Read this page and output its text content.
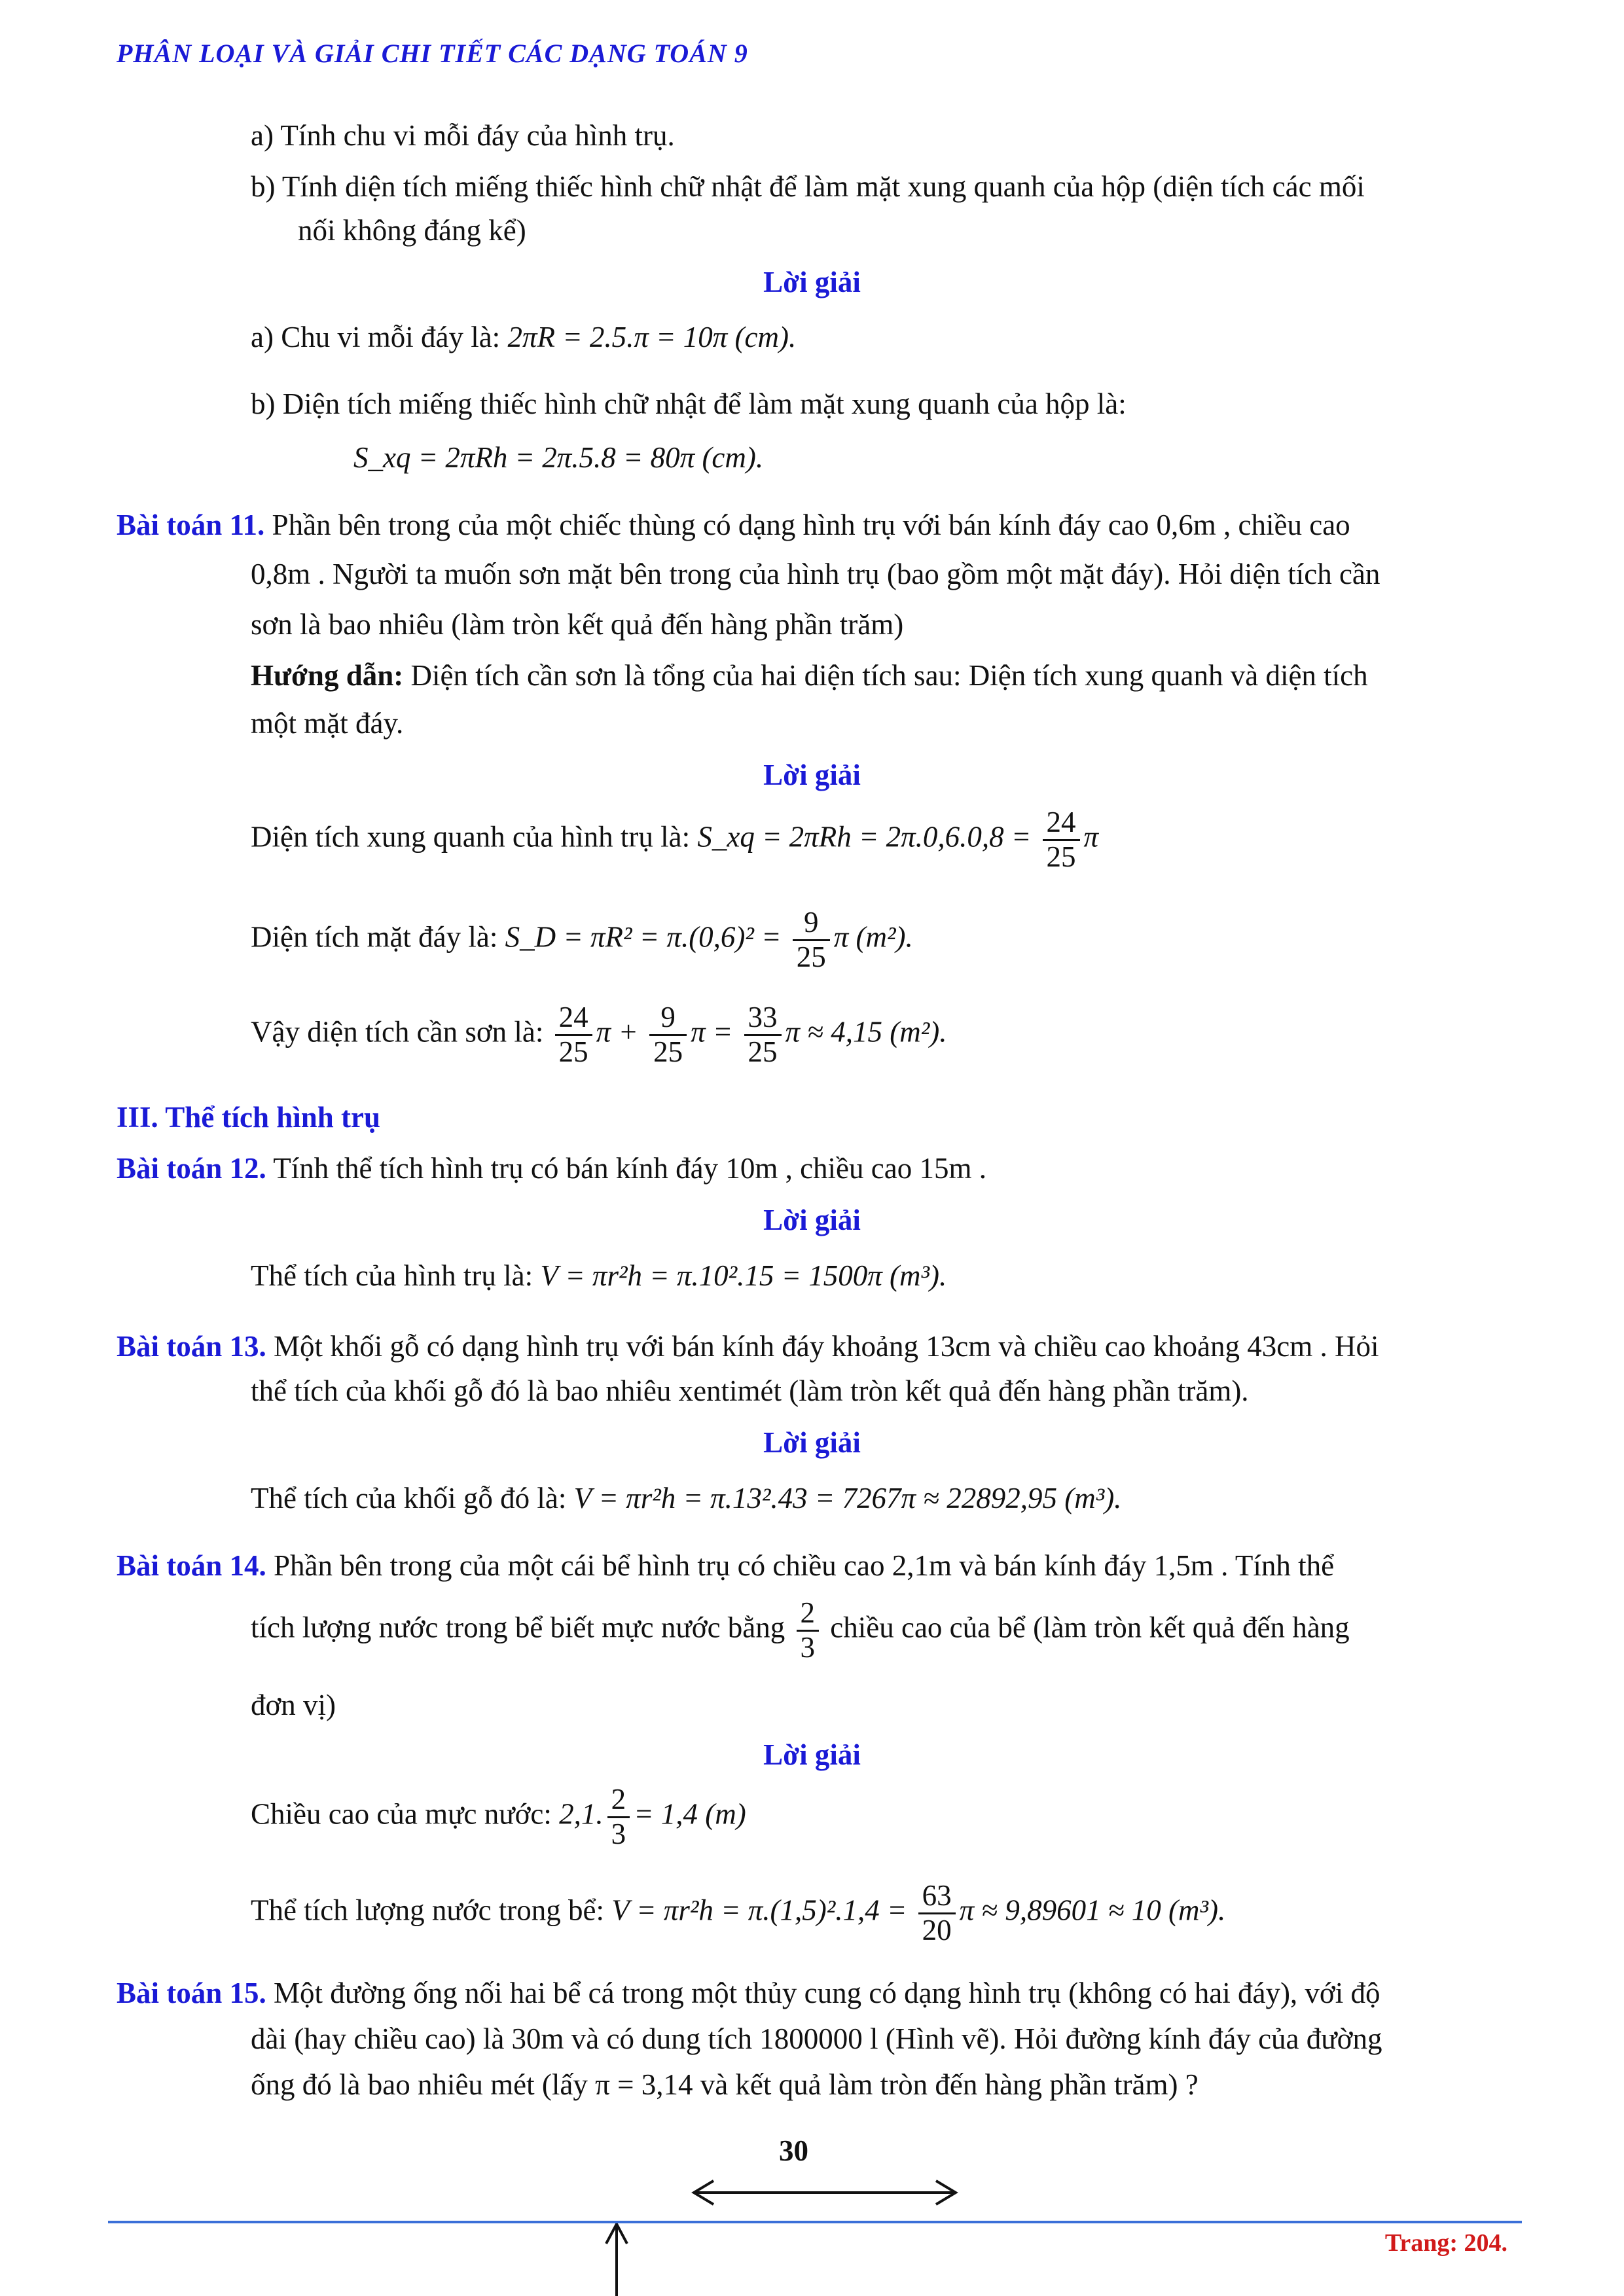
PHÂN LOẠI VÀ GIẢI CHI TIẾT CÁC DẠNG TOÁN 9
a) Tính chu vi mỗi đáy của hình trụ.
b) Tính diện tích miếng thiếc hình chữ nhật để làm mặt xung quanh của hộp (diện tích các mối
nối không đáng kể)
Lời giải
a) Chu vi mỗi đáy là: 2πR = 2.5.π = 10π (cm).
b) Diện tích miếng thiếc hình chữ nhật để làm mặt xung quanh của hộp là:
S_xq = 2πRh = 2π.5.8 = 80π (cm).
Bài toán 11. Phần bên trong của một chiếc thùng có dạng hình trụ với bán kính đáy cao 0,6m , chiều cao
0,8m . Người ta muốn sơn mặt bên trong của hình trụ (bao gồm một mặt đáy). Hỏi diện tích cần
sơn là bao nhiêu (làm tròn kết quả đến hàng phần trăm)
Hướng dẫn: Diện tích cần sơn là tổng của hai diện tích sau: Diện tích xung quanh và diện tích
một mặt đáy.
Lời giải
Diện tích xung quanh của hình trụ là: S_xq = $2\pi Rh = 2\pi.0,6.0,8 = \frac{24}{25}$ π
Diện tích mặt đáy là: S_D = $\pi R^2 = \pi.(0,6)^2 = \frac{9}{25}$ π (m²).
Vậy diện tích cần sơn là: $\frac{24}{25}$ $\pi + \frac{9}{25}$ $\pi = \frac{33}{25}$ π ≈ 4,15 (m²).
III. Thể tích hình trụ
Bài toán 12. Tính thể tích hình trụ có bán kính đáy 10m , chiều cao 15m .
Lời giải
Thể tích của hình trụ là: V = πr²h = π.10².15 = 1500π (m³).
Bài toán 13. Một khối gỗ có dạng hình trụ với bán kính đáy khoảng 13cm và chiều cao khoảng 43cm . Hỏi
thể tích của khối gỗ đó là bao nhiêu xentimét (làm tròn kết quả đến hàng phần trăm).
Lời giải
Thể tích của khối gỗ đó là: V = πr²h = π.13².43 = 7267π ≈ 22892,95 (m³).
Bài toán 14. Phần bên trong của một cái bể hình trụ có chiều cao 2,1m và bán kính đáy 1,5m . Tính thể
tích lượng nước trong bể biết mực nước bằng $\frac{2}{3}$ chiều cao của bể (làm tròn kết quả đến hàng
đơn vị)
Lời giải
Chiều cao của mực nước: 2,1. $\frac{2}{3} = 1,4$ (m)
Thể tích lượng nước trong bể: $V = \pi r^2h = \pi.(1,5)^2.1,4 = \frac{63}{20}$ π ≈ 9,89601 ≈ 10 (m³).
Bài toán 15. Một đường ống nối hai bể cá trong một thủy cung có dạng hình trụ (không có hai đáy), với độ
dài (hay chiều cao) là 30m và có dung tích 1800000 l (Hình vẽ). Hỏi đường kính đáy của đường
ống đó là bao nhiêu mét (lấy π = 3,14 và kết quả làm tròn đến hàng phần trăm) ?
30
Trang: 204.
